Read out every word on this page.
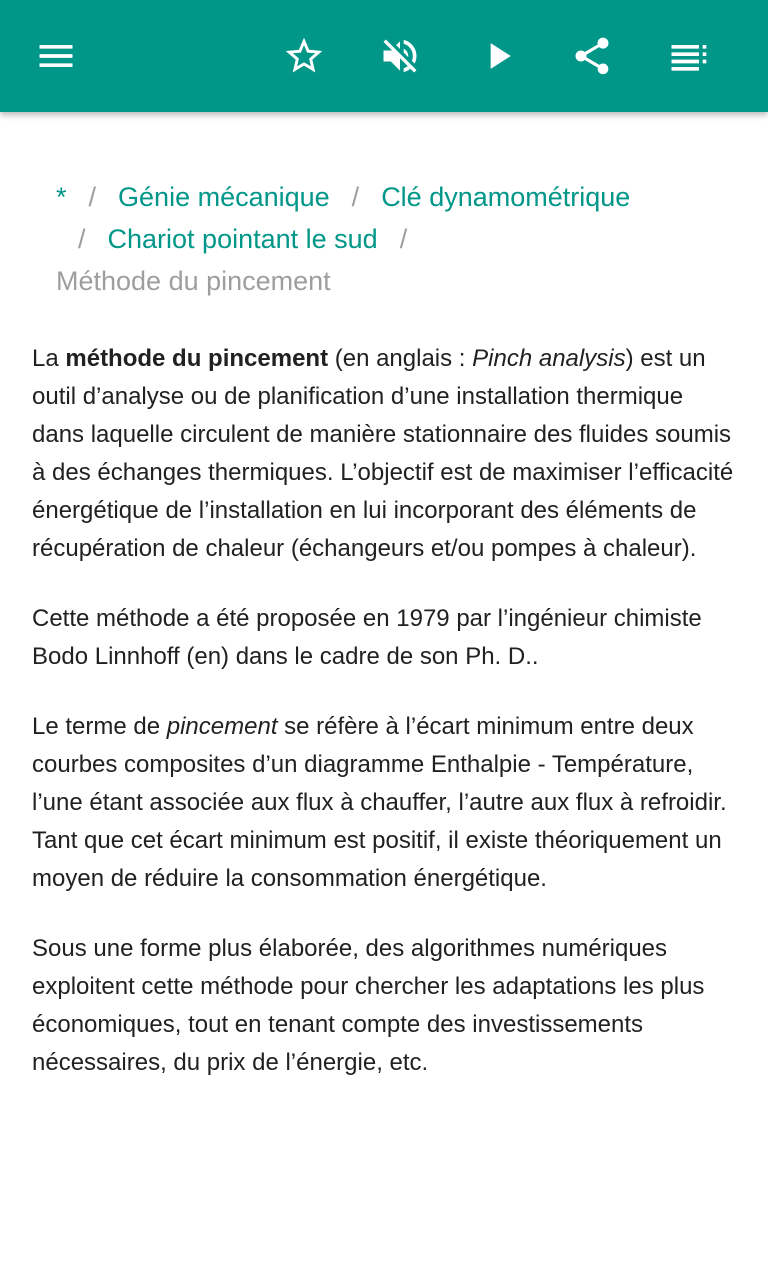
* / Génie mécanique / Clé dynamométrique
/ Chariot pointant le sud /
Méthode du pincement

La méthode du pincement (en anglais : Pinch analysis) est un outil d’analyse ou de planification d’une installation thermique dans laquelle circulent de manière stationnaire des fluides soumis à des échanges thermiques. L’objectif est de maximiser l’efficacité énergétique de l’installation en lui incorporant des éléments de récupération de chaleur (échangeurs et/ou pompes à chaleur).

Cette méthode a été proposée en 1979 par l’ingénieur chimiste Bodo Linnhoff (en) dans le cadre de son Ph. D..

Le terme de pincement se réfère à l’écart minimum entre deux courbes composites d’un diagramme Enthalpie - Température, l’une étant associée aux flux à chauffer, l’autre aux flux à refroidir. Tant que cet écart minimum est positif, il existe théoriquement un moyen de réduire la consommation énergétique.

Sous une forme plus élaborée, des algorithmes numériques exploitent cette méthode pour chercher les adaptations les plus économiques, tout en tenant compte des investissements nécessaires, du prix de l’énergie, etc.
